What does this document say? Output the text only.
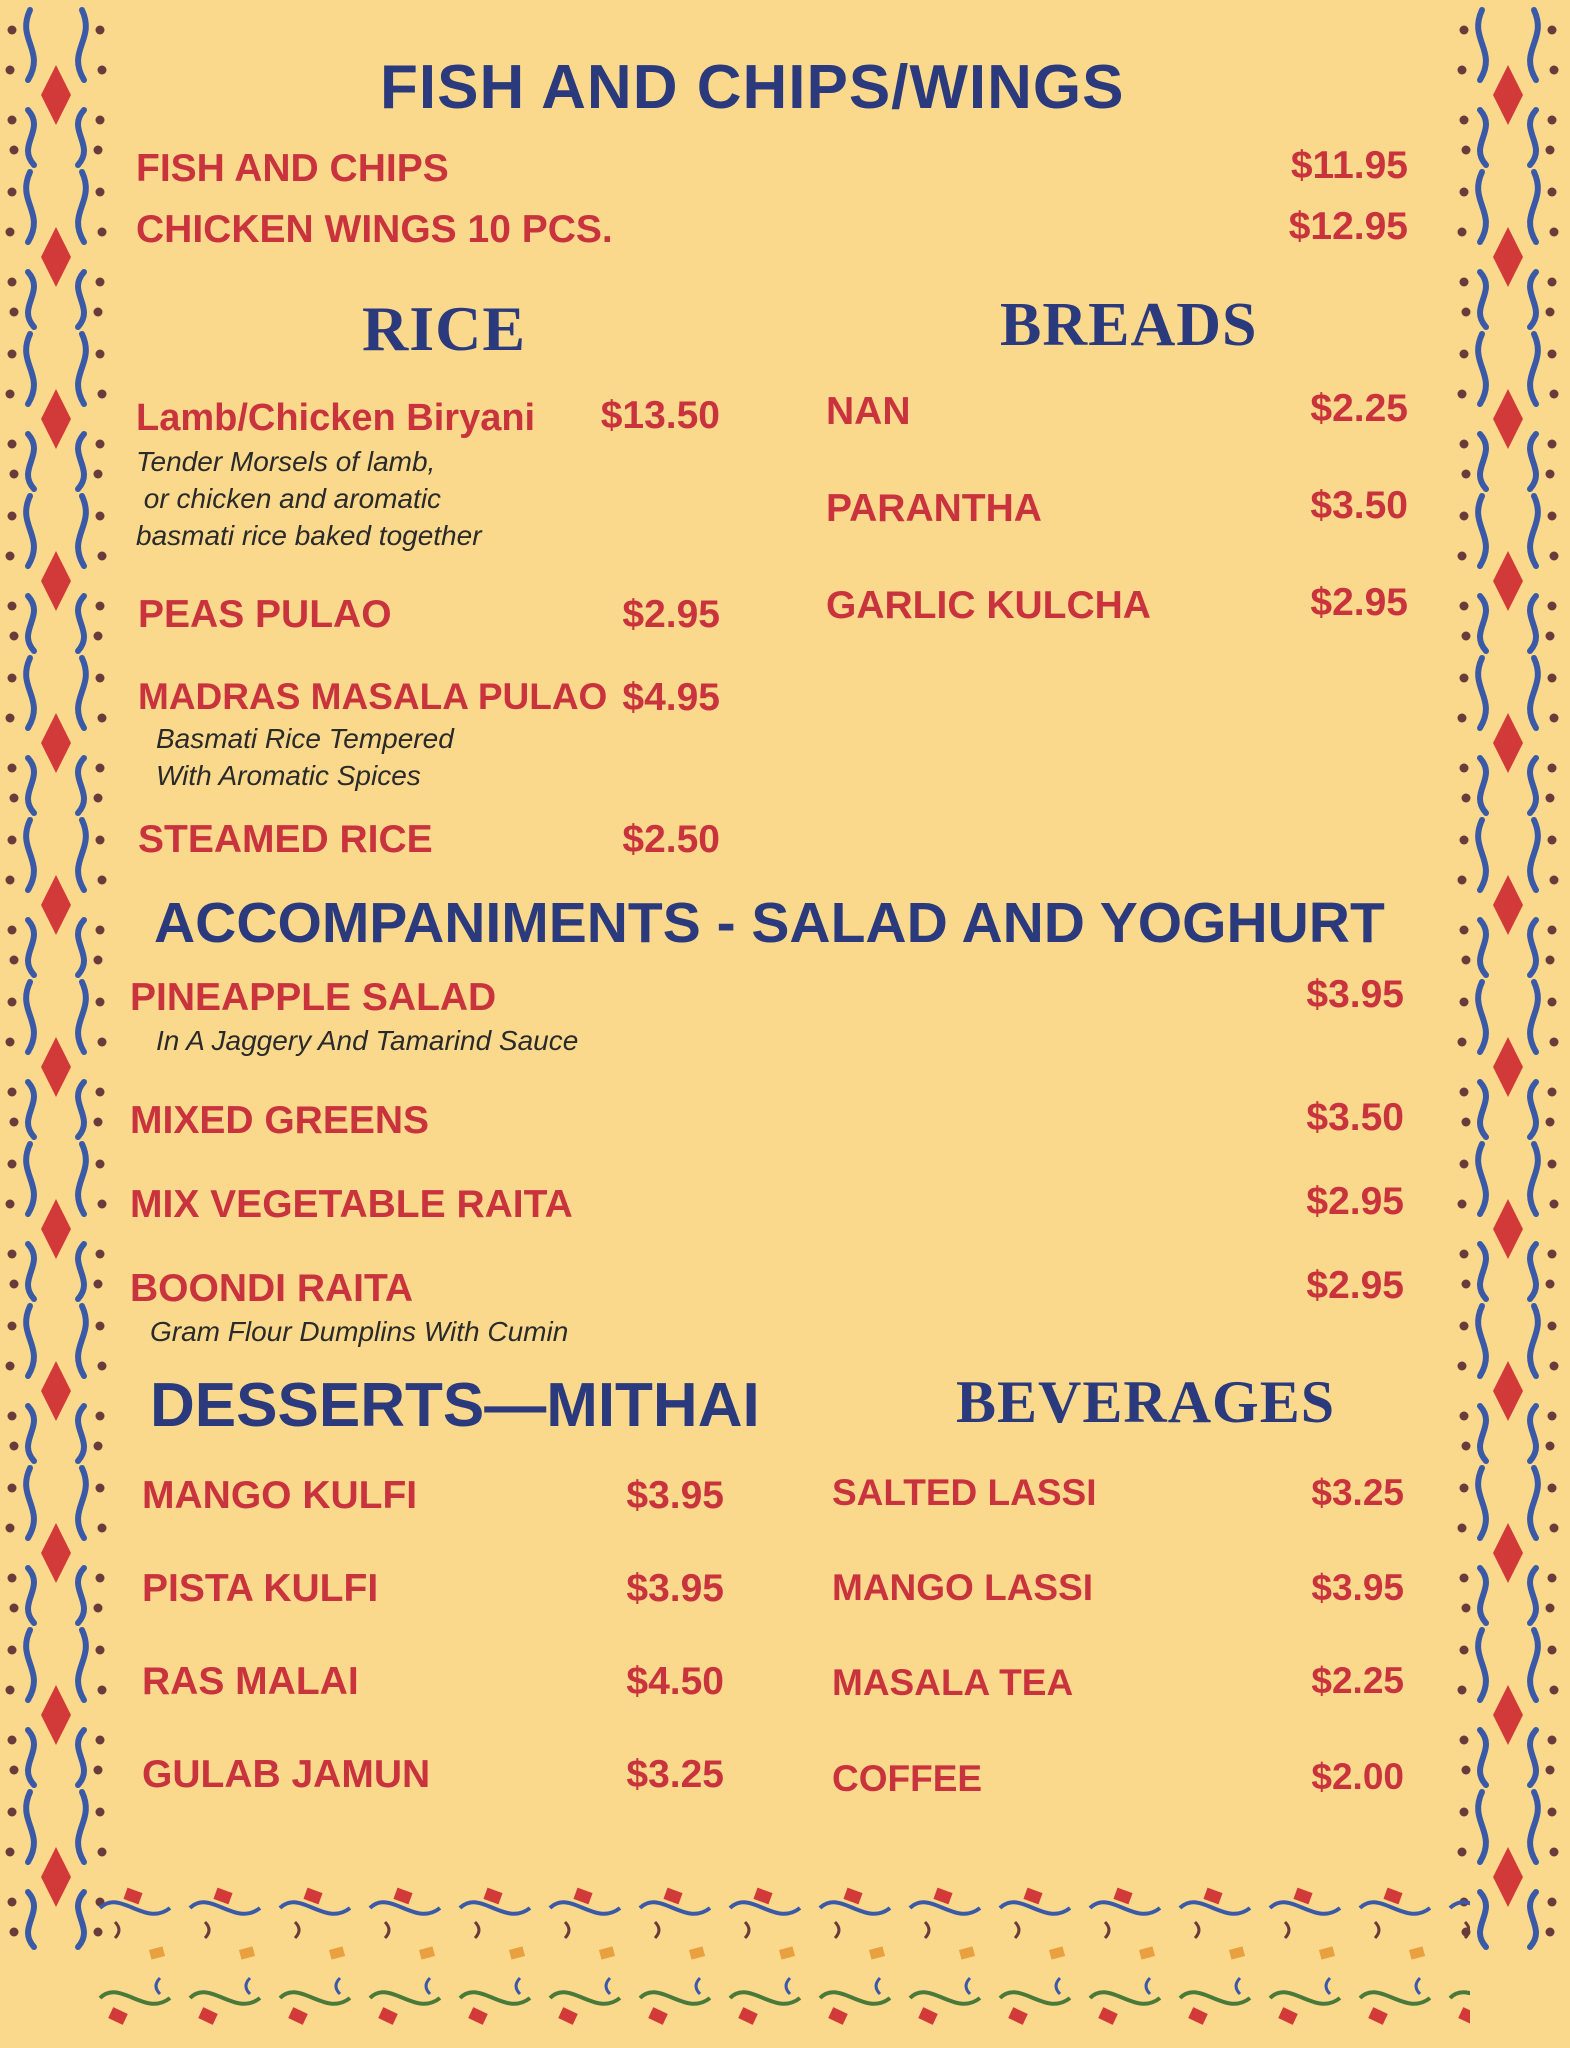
FISH AND CHIPS/WINGS
FISH AND CHIPS	$11.95
CHICKEN WINGS 10 PCS.	$12.95
RICE
Lamb/Chicken Biryani	$13.50
Tender Morsels of lamb,
or chicken and aromatic
basmati rice baked together
PEAS PULAO	$2.95
MADRAS MASALA PULAO $4.95
Basmati Rice Tempered
With Aromatic Spices
STEAMED RICE	$2.50
BREADS
NAN	$2.25
PARANTHA	$3.50
GARLIC KULCHA	$2.95
ACCOMPANIMENTS - SALAD AND YOGHURT
PINEAPPLE SALAD	$3.95
In A Jaggery And Tamarind Sauce
MIXED GREENS	$3.50
MIX VEGETABLE RAITA	$2.95
BOONDI RAITA	$2.95
Gram Flour Dumplins With Cumin
DESSERTS—MITHAI
MANGO KULFI	$3.95
PISTA KULFI	$3.95
RAS MALAI	$4.50
GULAB JAMUN	$3.25
BEVERAGES
SALTED LASSI	$3.25
MANGO LASSI	$3.95
MASALA TEA	$2.25
COFFEE	$2.00
